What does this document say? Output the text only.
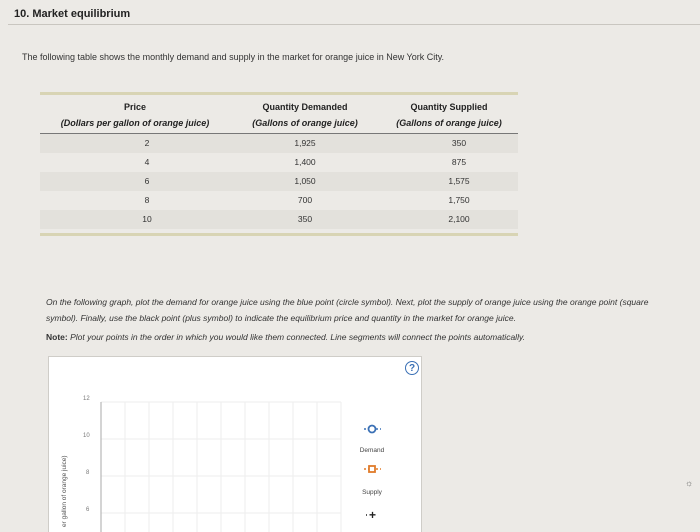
10. Market equilibrium
The following table shows the monthly demand and supply in the market for orange juice in New York City.
Price
(Dollars per gallon of orange juice)
Quantity Demanded
(Gallons of orange juice)
Quantity Supplied
(Gallons of orange juice)
2	1,925	350
4	1,400	875
6	1,050	1,575
8	700	1,750
10	350	2,100
On the following graph, plot the demand for orange juice using the blue point (circle symbol). Next, plot the supply of orange juice using the orange point (square symbol). Finally, use the black point (plus symbol) to indicate the equilibrium price and quantity in the market for orange juice.
Note: Plot your points in the order in which you would like them connected. Line segments will connect the points automatically.
?
+
12
10
8
6
er gallon of orange juice)
Demand
Supply
☼
